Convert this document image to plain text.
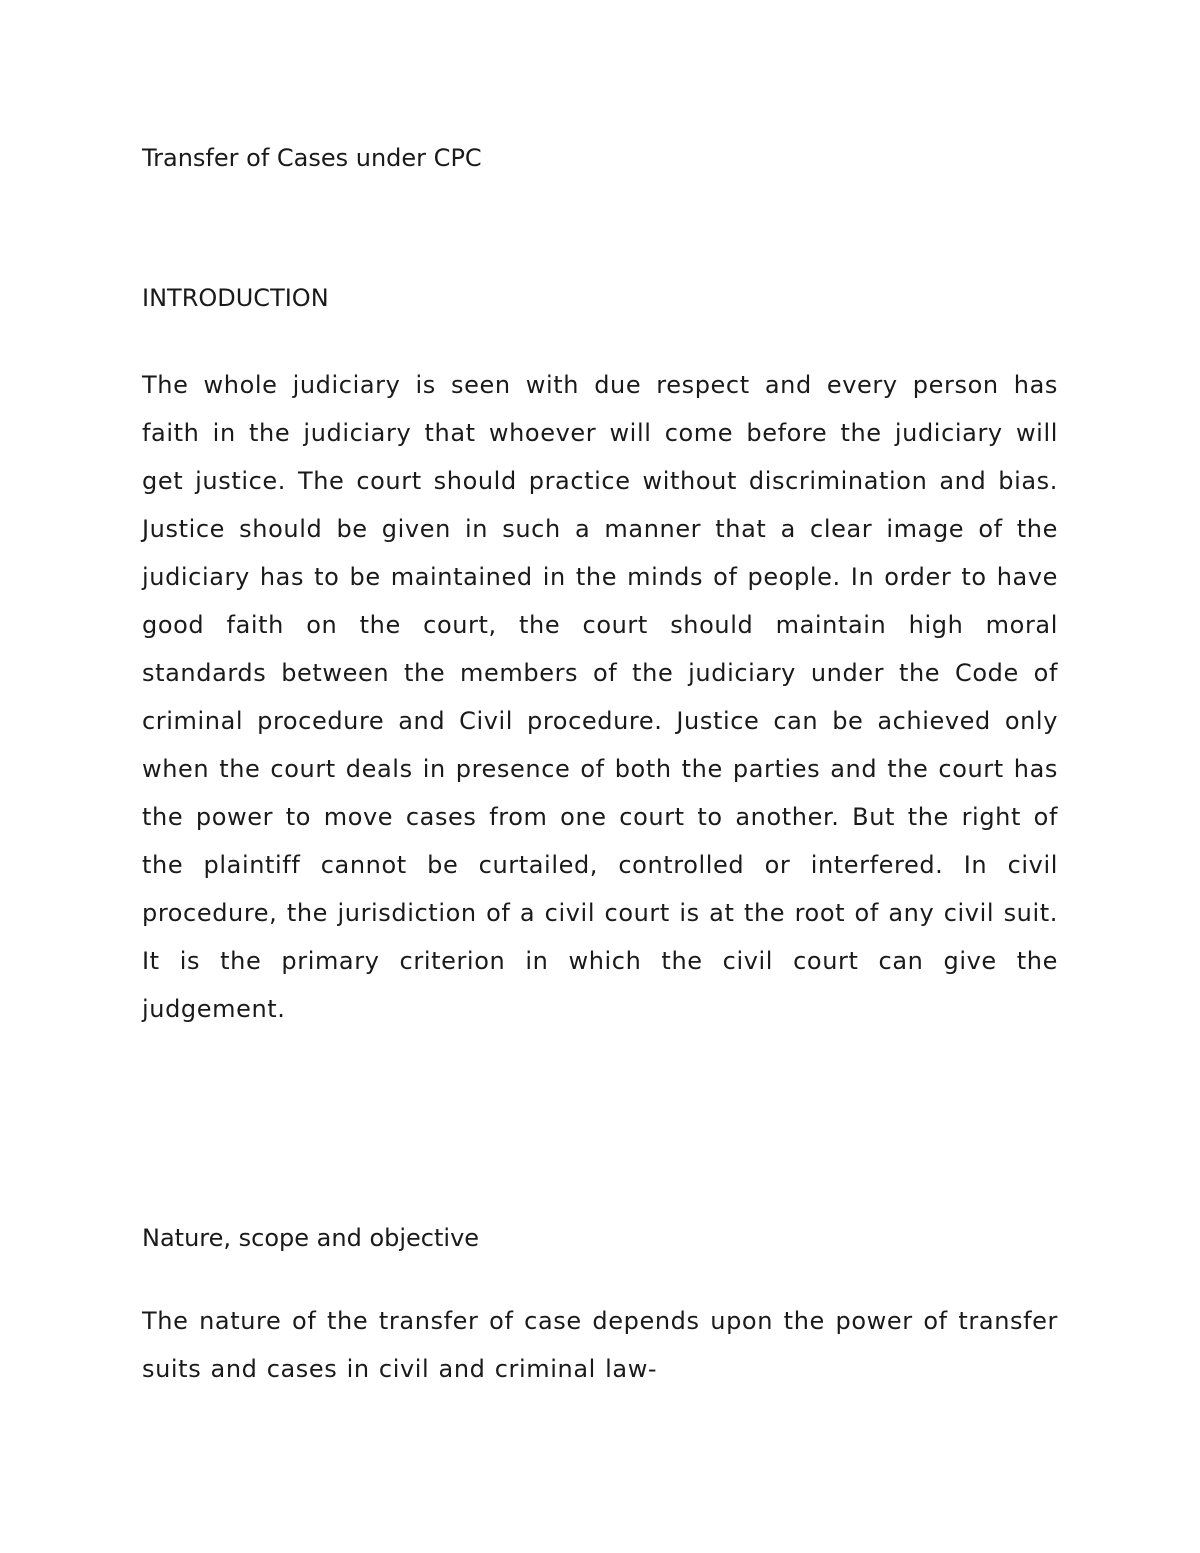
Transfer of Cases under CPC
INTRODUCTION

The whole judiciary is seen with due respect and every person has faith in the judiciary that whoever will come before the judiciary will get justice. The court should practice without discrimination and bias. Justice should be given in such a manner that a clear image of the judiciary has to be maintained in the minds of people. In order to have good faith on the court, the court should maintain high moral standards between the members of the judiciary under the Code of criminal procedure and Civil procedure. Justice can be achieved only when the court deals in presence of both the parties and the court has the power to move cases from one court to another. But the right of the plaintiff cannot be curtailed, controlled or interfered. In civil procedure, the jurisdiction of a civil court is at the root of any civil suit. It is the primary criterion in which the civil court can give the judgement.

Nature, scope and objective

The nature of the transfer of case depends upon the power of transfer suits and cases in civil and criminal law-
